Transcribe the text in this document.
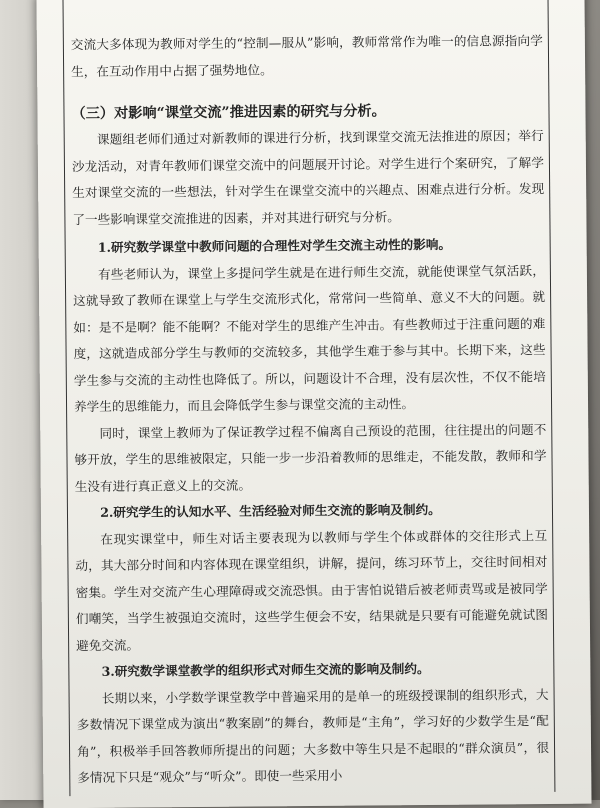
交流大多体现为教师对学生的“控制—服从”影响，教师常常作为唯一的信息源指向学生，在互动作用中占据了强势地位。

（三）对影响“课堂交流”推进因素的研究与分析。

课题组老师们通过对新教师的课进行分析，找到课堂交流无法推进的原因；举行沙龙活动，对青年教师们课堂交流中的问题展开讨论。对学生进行个案研究，了解学生对课堂交流的一些想法，针对学生在课堂交流中的兴趣点、困难点进行分析。发现了一些影响课堂交流推进的因素，并对其进行研究与分析。

1.研究数学课堂中教师问题的合理性对学生交流主动性的影响。

有些老师认为，课堂上多提问学生就是在进行师生交流，就能使课堂气氛活跃，这就导致了教师在课堂上与学生交流形式化，常常问一些简单、意义不大的问题。就如：是不是啊？能不能啊？不能对学生的思维产生冲击。有些教师过于注重问题的难度，这就造成部分学生与教师的交流较多，其他学生难于参与其中。长期下来，这些学生参与交流的主动性也降低了。所以，问题设计不合理，没有层次性，不仅不能培养学生的思维能力，而且会降低学生参与课堂交流的主动性。

同时，课堂上教师为了保证教学过程不偏离自己预设的范围，往往提出的问题不够开放，学生的思维被限定，只能一步一步沿着教师的思维走，不能发散，教师和学生没有进行真正意义上的交流。

2.研究学生的认知水平、生活经验对师生交流的影响及制约。

在现实课堂中，师生对话主要表现为以教师与学生个体或群体的交往形式上互动，其大部分时间和内容体现在课堂组织，讲解，提问，练习环节上，交往时间相对密集。学生对交流产生心理障碍或交流恐惧。由于害怕说错后被老师责骂或是被同学们嘲笑，当学生被强迫交流时，这些学生便会不安，结果就是只要有可能避免就试图避免交流。

3.研究数学课堂教学的组织形式对师生交流的影响及制约。

长期以来，小学数学课堂教学中普遍采用的是单一的班级授课制的组织形式，大多数情况下课堂成为演出“教案剧”的舞台，教师是“主角”，学习好的少数学生是“配角”，积极举手回答教师所提出的问题；大多数中等生只是不起眼的“群众演员”，很多情况下只是“观众”与“听众”。即使一些采用小
